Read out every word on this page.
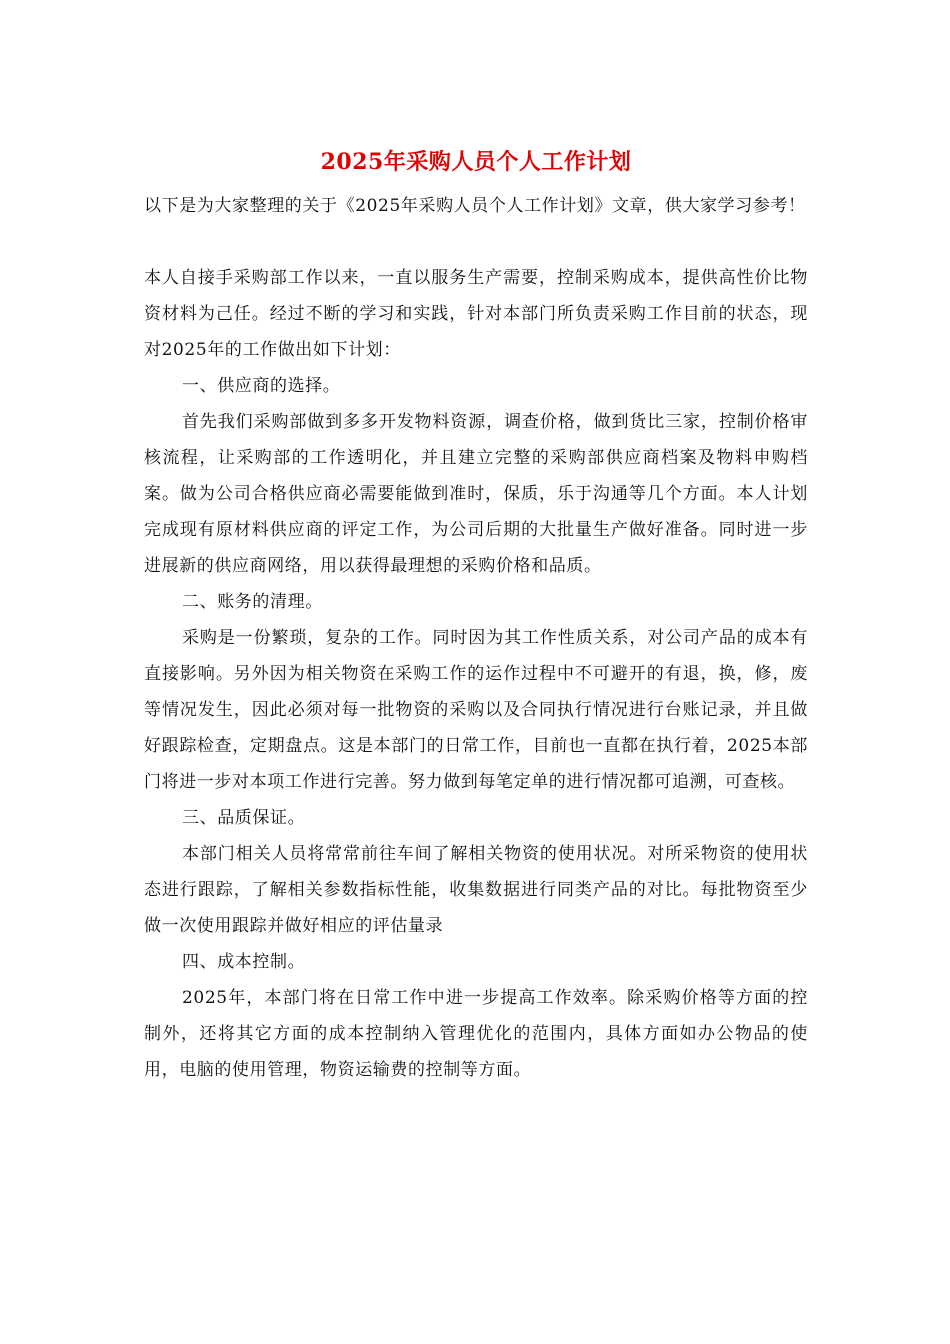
2025年采购人员个人工作计划

以下是为大家整理的关于《2025年采购人员个人工作计划》文章，供大家学习参考！

本人自接手采购部工作以来，一直以服务生产需要，控制采购成本，提供高性价比物资材料为己任。经过不断的学习和实践，针对本部门所负责采购工作目前的状态，现对2025年的工作做出如下计划：

一、供应商的选择。

首先我们采购部做到多多开发物料资源，调查价格，做到货比三家，控制价格审核流程，让采购部的工作透明化，并且建立完整的采购部供应商档案及物料申购档案。做为公司合格供应商必需要能做到准时，保质，乐于沟通等几个方面。本人计划完成现有原材料供应商的评定工作，为公司后期的大批量生产做好准备。同时进一步进展新的供应商网络，用以获得最理想的采购价格和品质。

二、账务的清理。

采购是一份繁琐，复杂的工作。同时因为其工作性质关系，对公司产品的成本有直接影响。另外因为相关物资在采购工作的运作过程中不可避开的有退，换，修，废等情况发生，因此必须对每一批物资的采购以及合同执行情况进行台账记录，并且做好跟踪检查，定期盘点。这是本部门的日常工作，目前也一直都在执行着，2025本部门将进一步对本项工作进行完善。努力做到每笔定单的进行情况都可追溯，可查核。

三、品质保证。

本部门相关人员将常常前往车间了解相关物资的使用状况。对所采物资的使用状态进行跟踪，了解相关参数指标性能，收集数据进行同类产品的对比。每批物资至少做一次使用跟踪并做好相应的评估量录

四、成本控制。

2025年，本部门将在日常工作中进一步提高工作效率。除采购价格等方面的控制外，还将其它方面的成本控制纳入管理优化的范围内，具体方面如办公物品的使用，电脑的使用管理，物资运输费的控制等方面。
